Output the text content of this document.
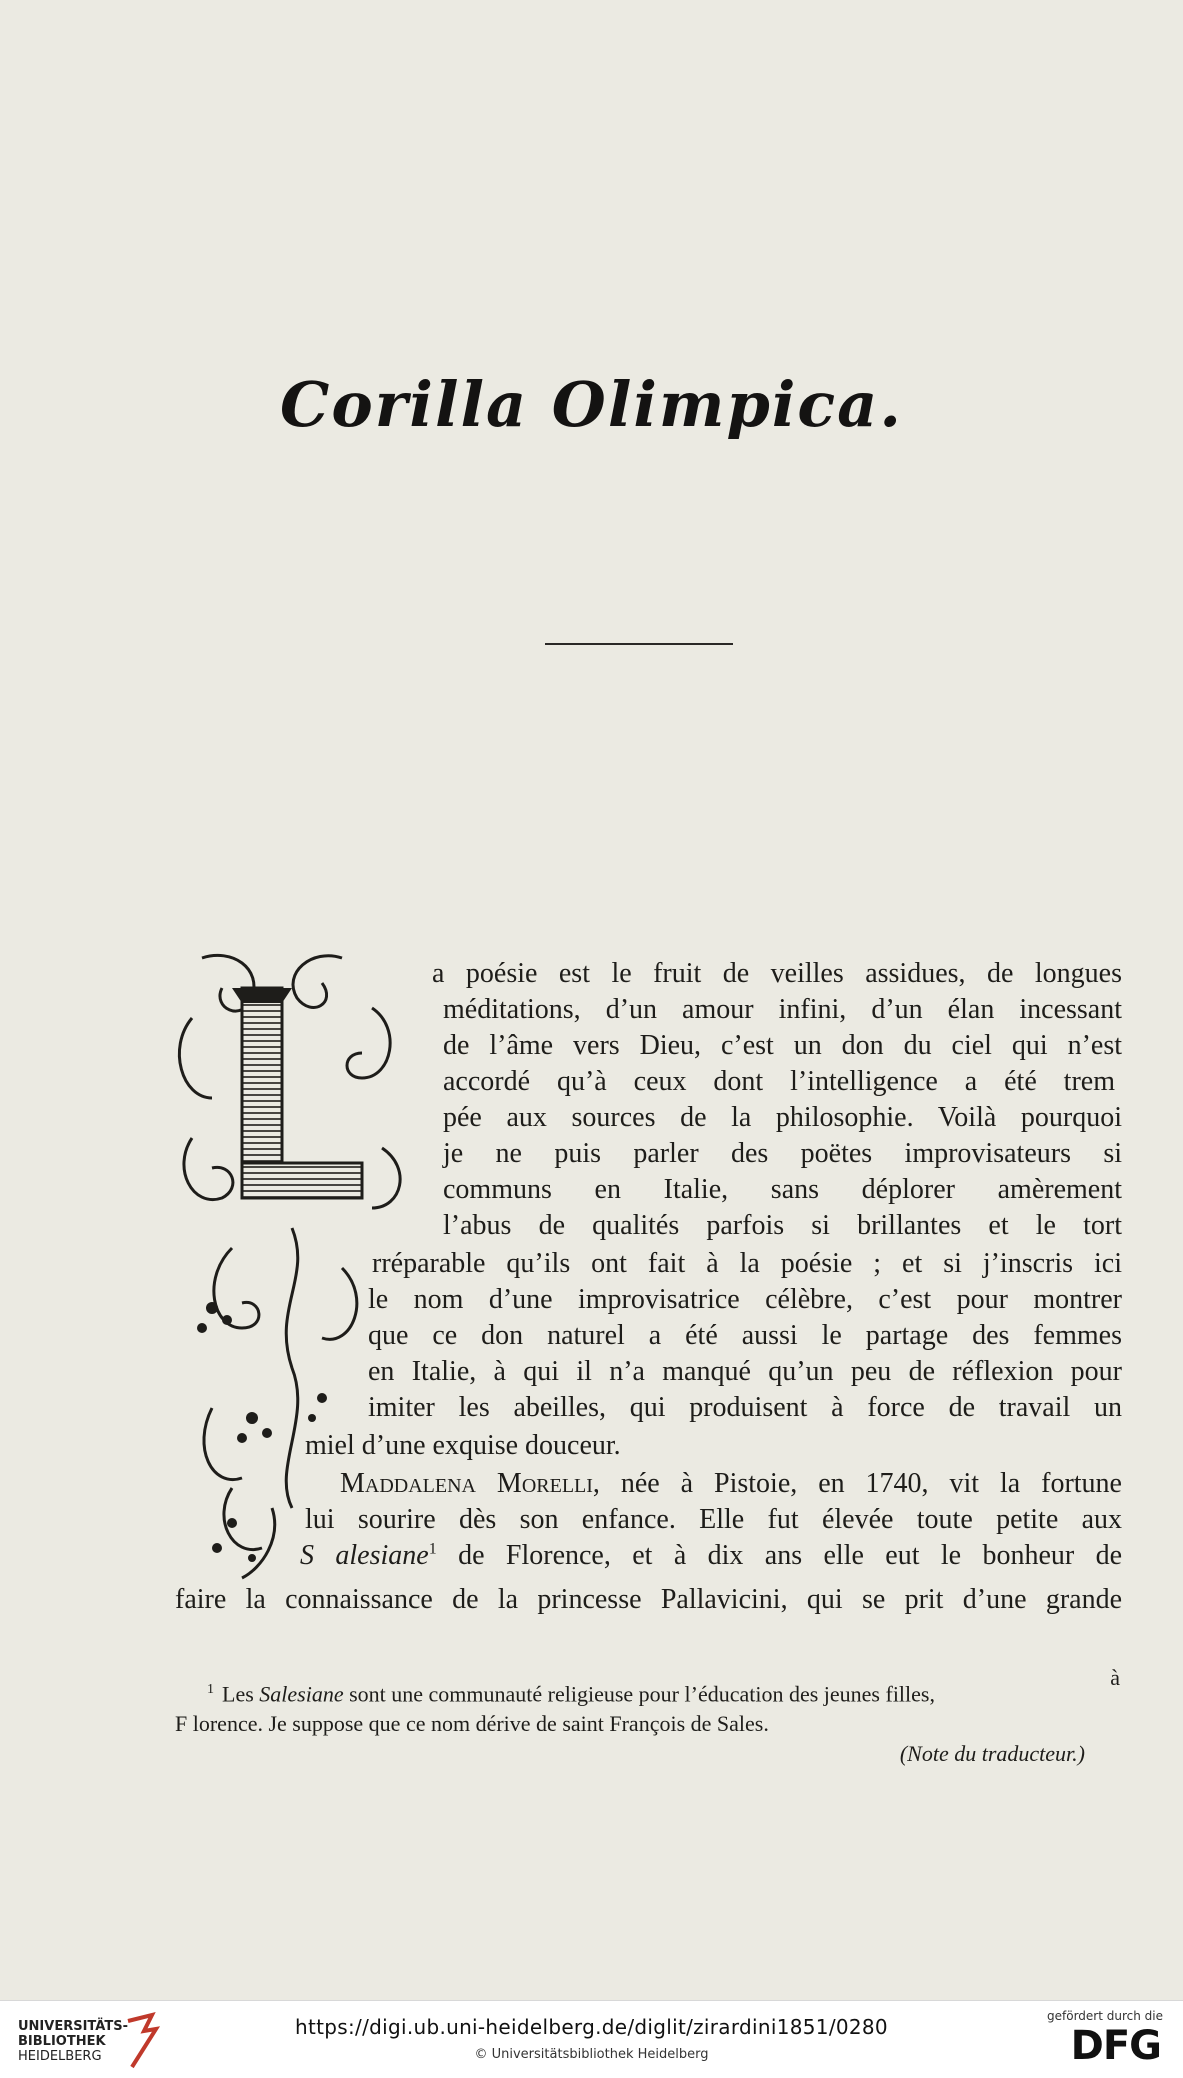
Corilla Olimpica.
a poésie est le fruit de veilles assidues, de longues
méditations, d’un amour infini, d’un élan incessant
de l’âme vers Dieu, c’est un don du ciel qui n’est
accordé qu’à ceux dont l’intelligence a été trem
pée aux sources de la philosophie. Voilà pourquoi
je ne puis parler des poëtes improvisateurs si
communs en Italie, sans déplorer amèrement
l’abus de qualités parfois si brillantes et le tort
rréparable qu’ils ont fait à la poésie ; et si j’inscris ici
le nom d’une improvisatrice célèbre, c’est pour montrer
que ce don naturel a été aussi le partage des femmes
en Italie, à qui il n’a manqué qu’un peu de réflexion pour
imiter les abeilles, qui produisent à force de travail un
miel d’une exquise douceur.
Maddalena Morelli, née à Pistoie, en 1740, vit la fortune
lui sourire dès son enfance. Elle fut élevée toute petite aux
S alesiane$^1$ de Florence, et à dix ans elle eut le bonheur de
faire la connaissance de la princesse Pallavicini, qui se prit d’une grande
$^1$ Les Salesiane sont une communauté religieuse pour l’éducation des jeunes filles,
à
F lorence. Je suppose que ce nom dérive de saint François de Sales.
(Note du traducteur.)
UNIVERSITÄTS-
BIBLIOTHEK
HEIDELBERG
https://digi.ub.uni-heidelberg.de/diglit/zirardini1851/0280
© Universitätsbibliothek Heidelberg
gefördert durch die
DFG
